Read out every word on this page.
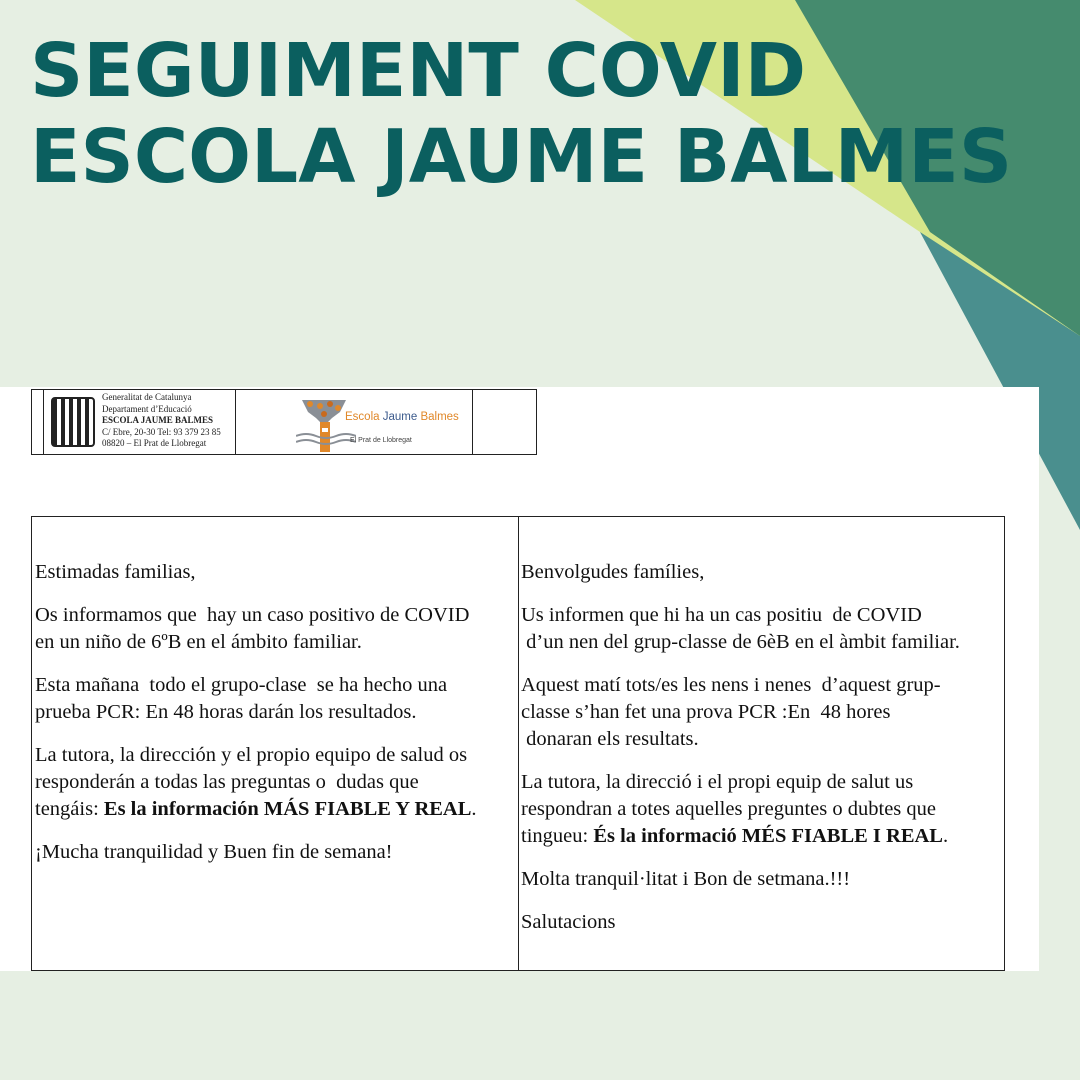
SEGUIMENT COVID
ESCOLA JAUME BALMES
Generalitat de Catalunya
Departament d’Educació
ESCOLA JAUME BALMES
C/ Ebre, 20-30 Tel: 93 379 23 85
08820 – El Prat de Llobregat
Escola Jaume Balmes
El Prat de Llobregat

Estimadas familias,

Os informamos que  hay un caso positivo de COVID
en un niño de 6ºB en el ámbito familiar.

Esta mañana  todo el grupo-clase  se ha hecho una
prueba PCR: En 48 horas darán los resultados.

La tutora, la dirección y el propio equipo de salud os
responderán a todas las preguntas o  dudas que
tengáis: Es la información MÁS FIABLE Y REAL.

¡Mucha tranquilidad y Buen fin de semana!

Benvolgudes famílies,

Us informen que hi ha un cas positiu  de COVID
d’un nen del grup-classe de 6èB en el àmbit familiar.

Aquest matí tots/es les nens i nenes  d’aquest grup-
classe s’han fet una prova PCR :En  48 hores
donaran els resultats.

La tutora, la direcció i el propi equip de salut us
respondran a totes aquelles preguntes o dubtes que
tingueu: És la informació MÉS FIABLE I REAL.

Molta tranquil·litat i Bon de setmana.!!!

Salutacions
